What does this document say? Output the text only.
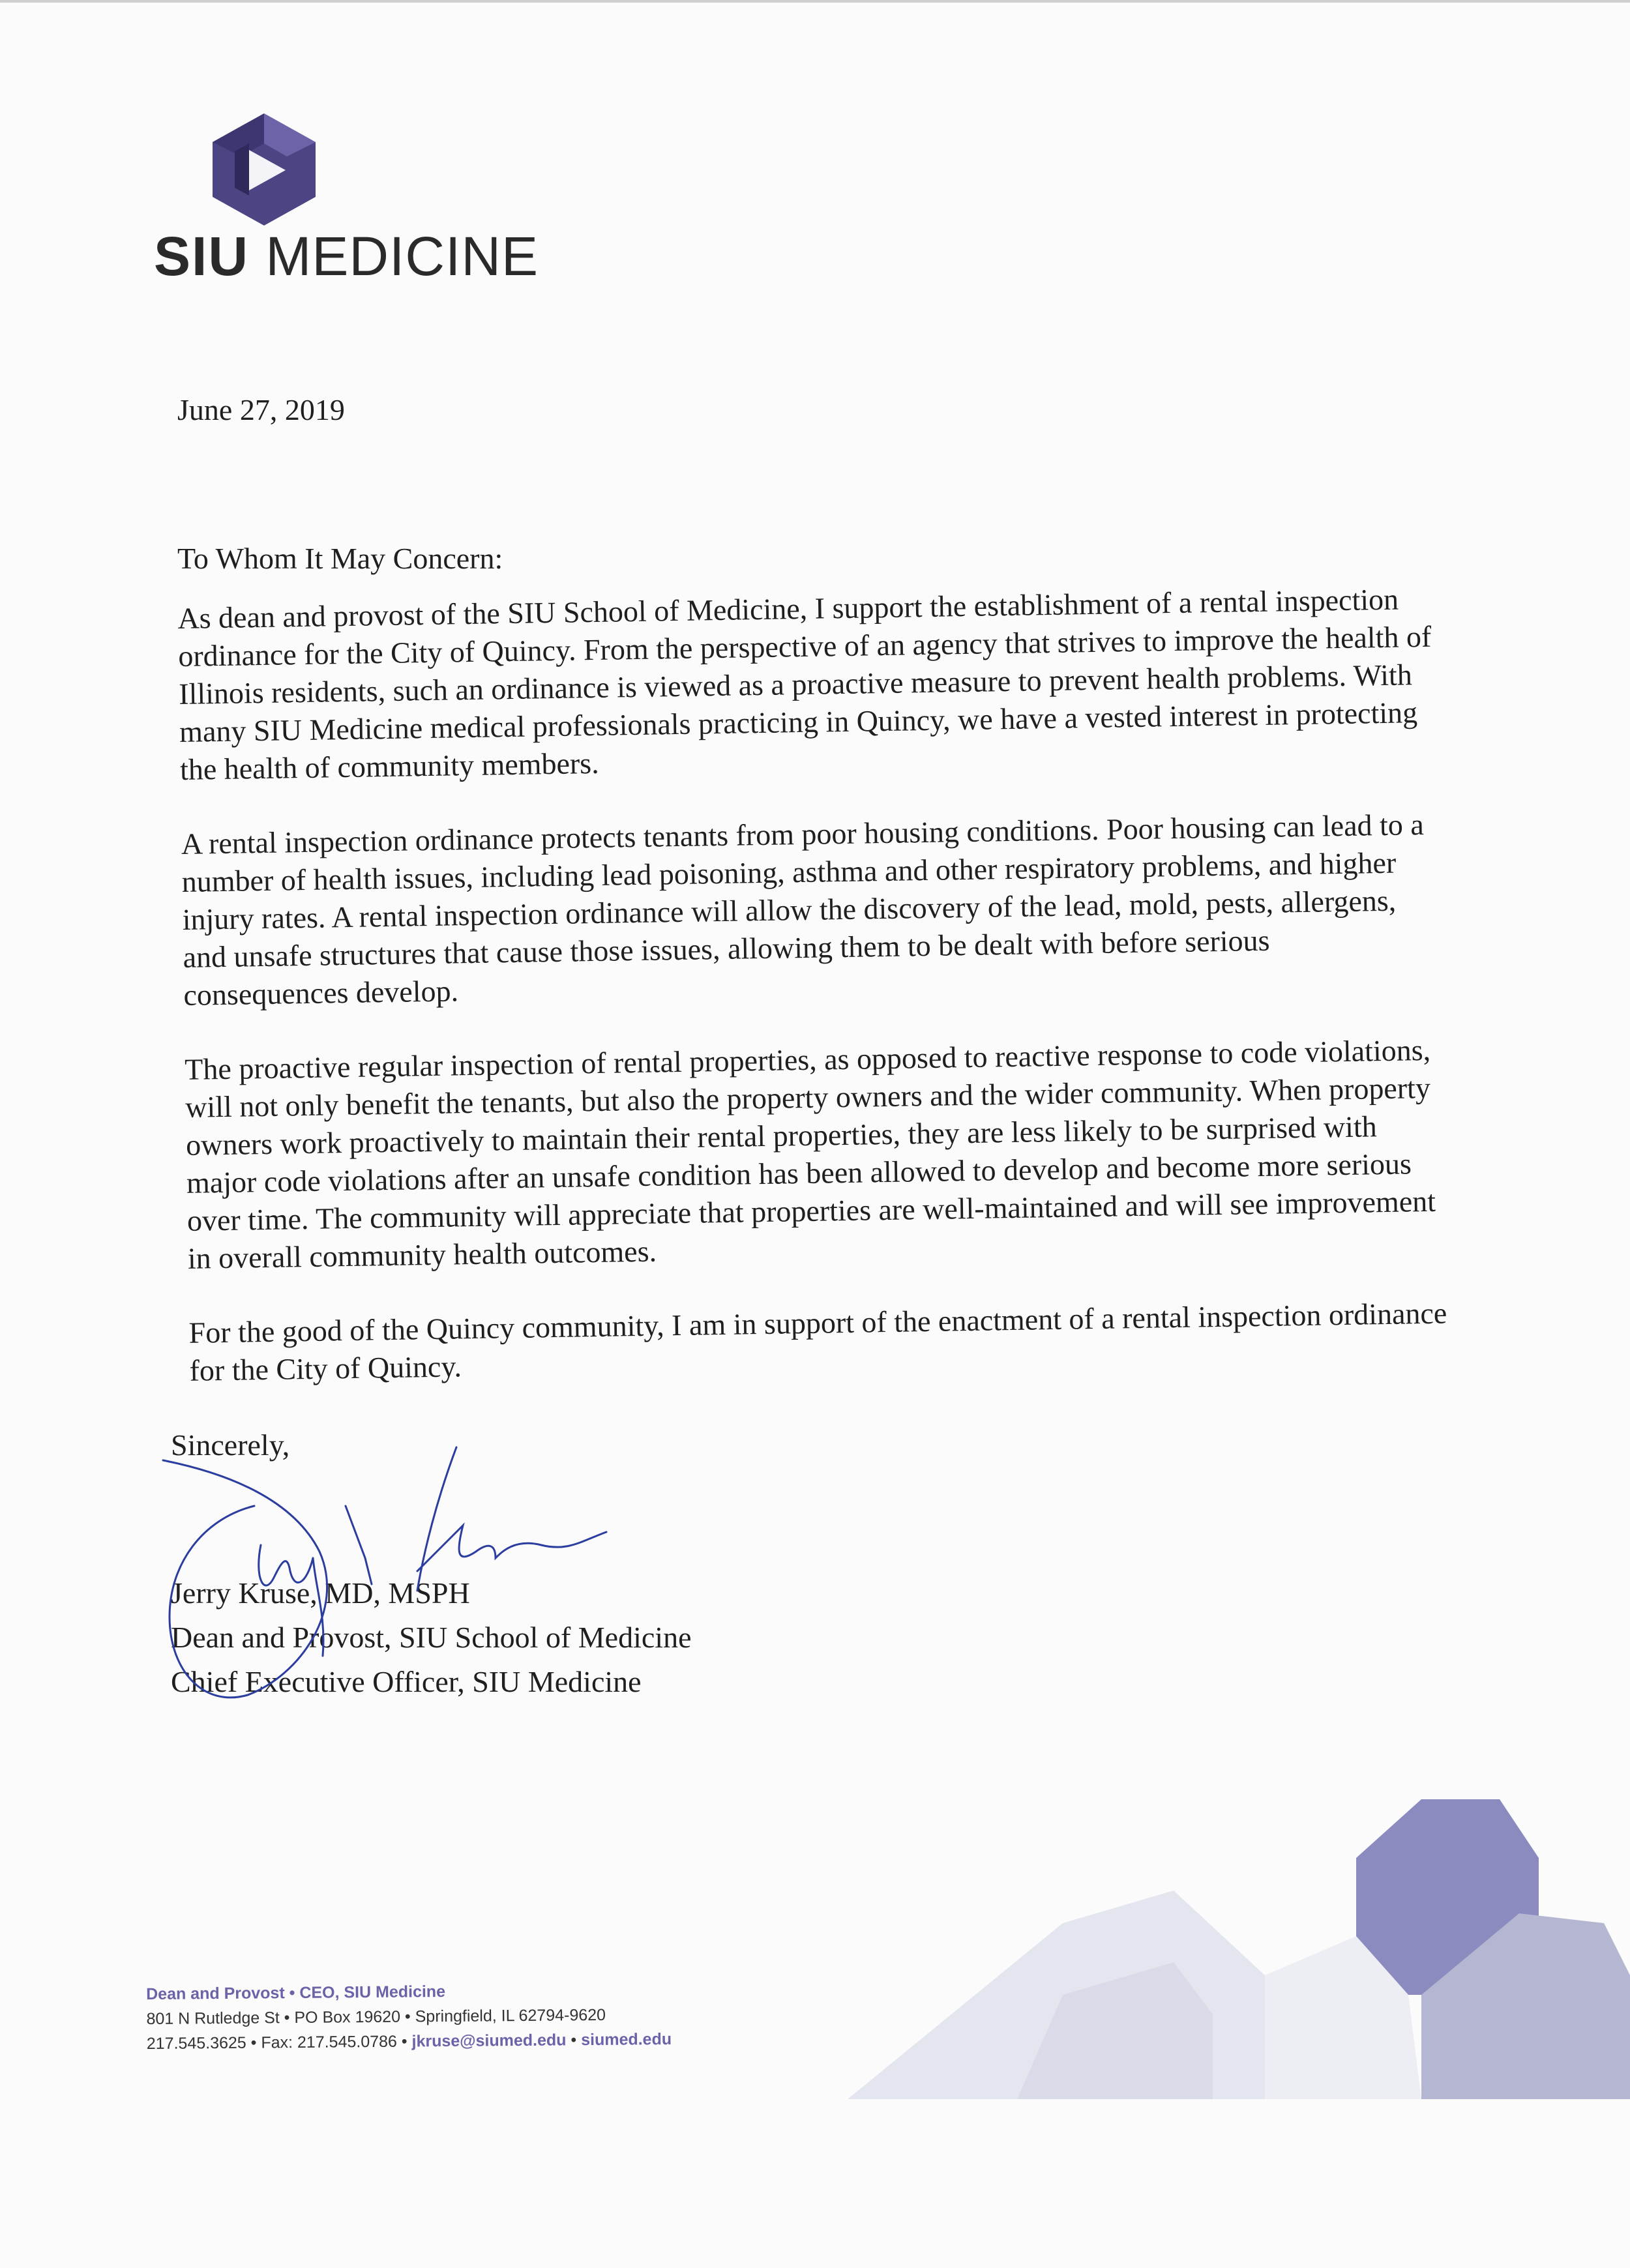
SIU MEDICINE
June 27, 2019
To Whom It May Concern:

As dean and provost of the SIU School of Medicine, I support the establishment of a rental inspection ordinance for the City of Quincy. From the perspective of an agency that strives to improve the health of Illinois residents, such an ordinance is viewed as a proactive measure to prevent health problems. With many SIU Medicine medical professionals practicing in Quincy, we have a vested interest in protecting the health of community members.

A rental inspection ordinance protects tenants from poor housing conditions. Poor housing can lead to a number of health issues, including lead poisoning, asthma and other respiratory problems, and higher injury rates. A rental inspection ordinance will allow the discovery of the lead, mold, pests, allergens, and unsafe structures that cause those issues, allowing them to be dealt with before serious consequences develop.

The proactive regular inspection of rental properties, as opposed to reactive response to code violations, will not only benefit the tenants, but also the property owners and the wider community. When property owners work proactively to maintain their rental properties, they are less likely to be surprised with major code violations after an unsafe condition has been allowed to develop and become more serious over time. The community will appreciate that properties are well-maintained and will see improvement in overall community health outcomes.

For the good of the Quincy community, I am in support of the enactment of a rental inspection ordinance for the City of Quincy.

Sincerely,
Jerry Kruse, MD, MSPH
Dean and Provost, SIU School of Medicine
Chief Executive Officer, SIU Medicine
Dean and Provost • CEO, SIU Medicine
801 N Rutledge St • PO Box 19620 • Springfield, IL 62794-9620
217.545.3625 • Fax: 217.545.0786 • jkruse@siumed.edu • siumed.edu
